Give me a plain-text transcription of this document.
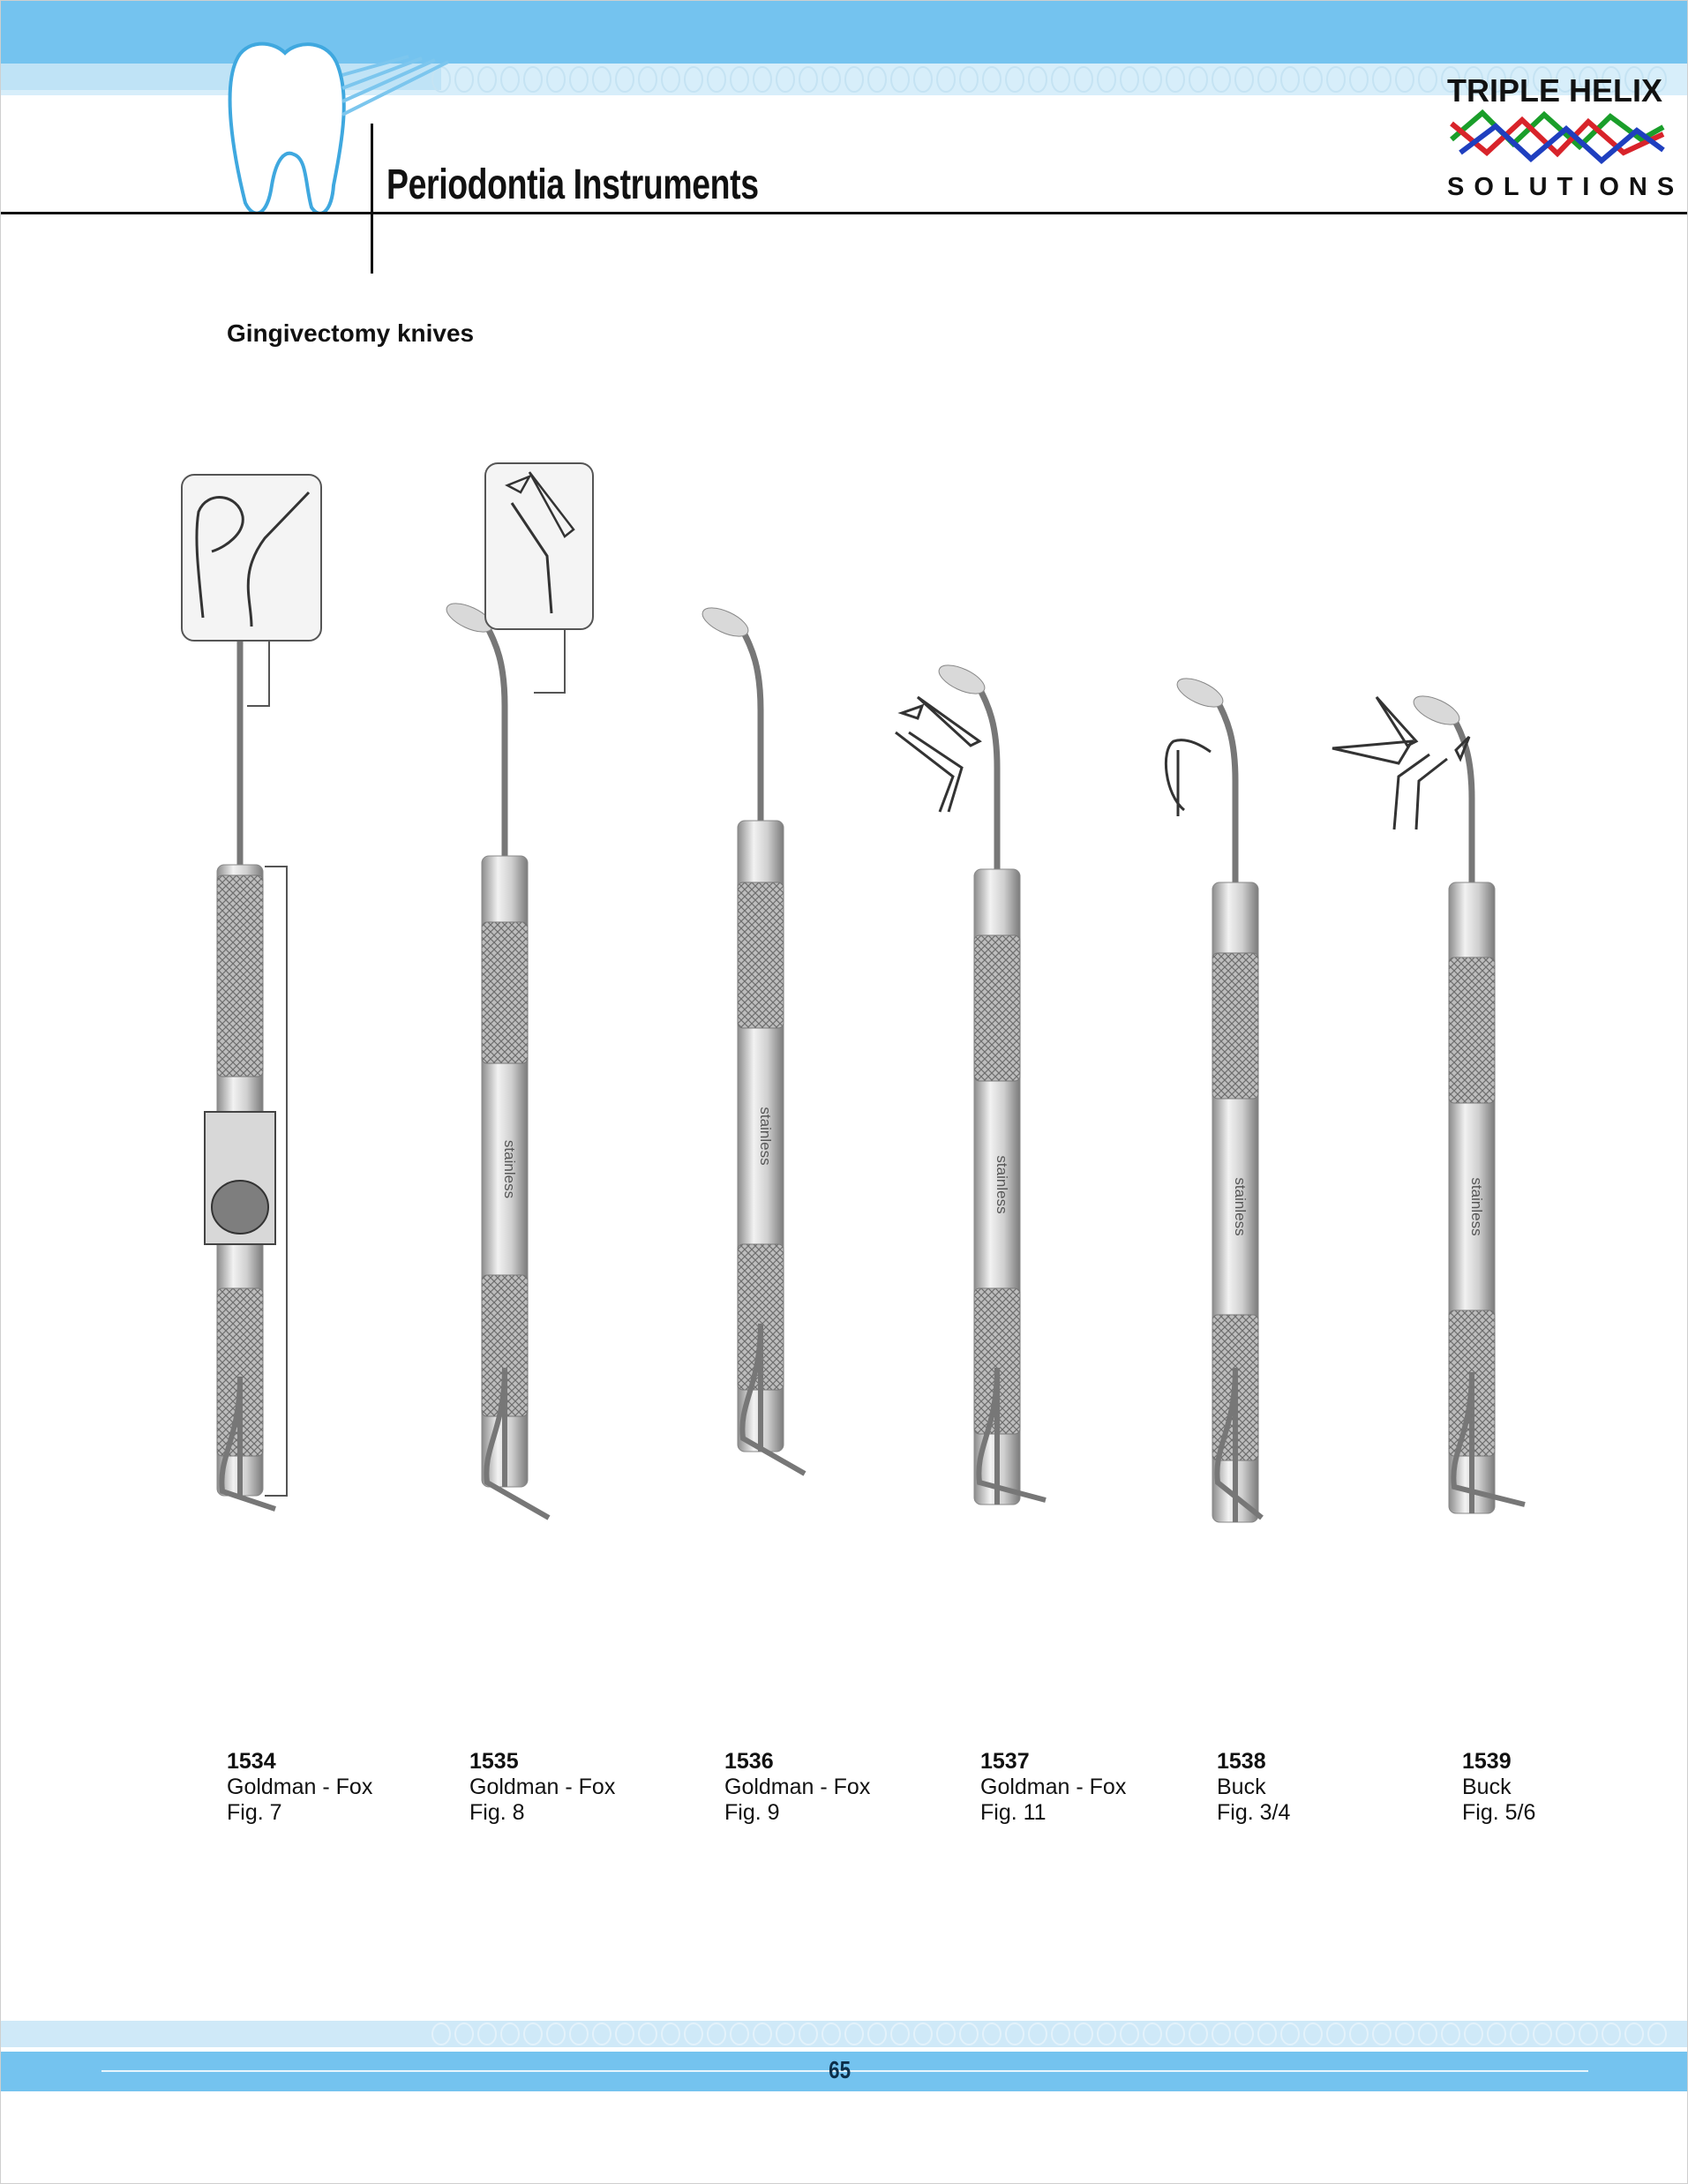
Periodontia Instruments
TRIPLE HELIX
SOLUTIONS
Gingivectomy knives
stainless
stainless
stainless	stainless	stainless
1534
Goldman - Fox
Fig. 7
1535
Goldman - Fox
Fig. 8
1536
Goldman - Fox
Fig. 9
1537
Goldman - Fox
Fig. 11
1538
Buck
Fig. 3/4
1539
Buck
Fig. 5/6
65
